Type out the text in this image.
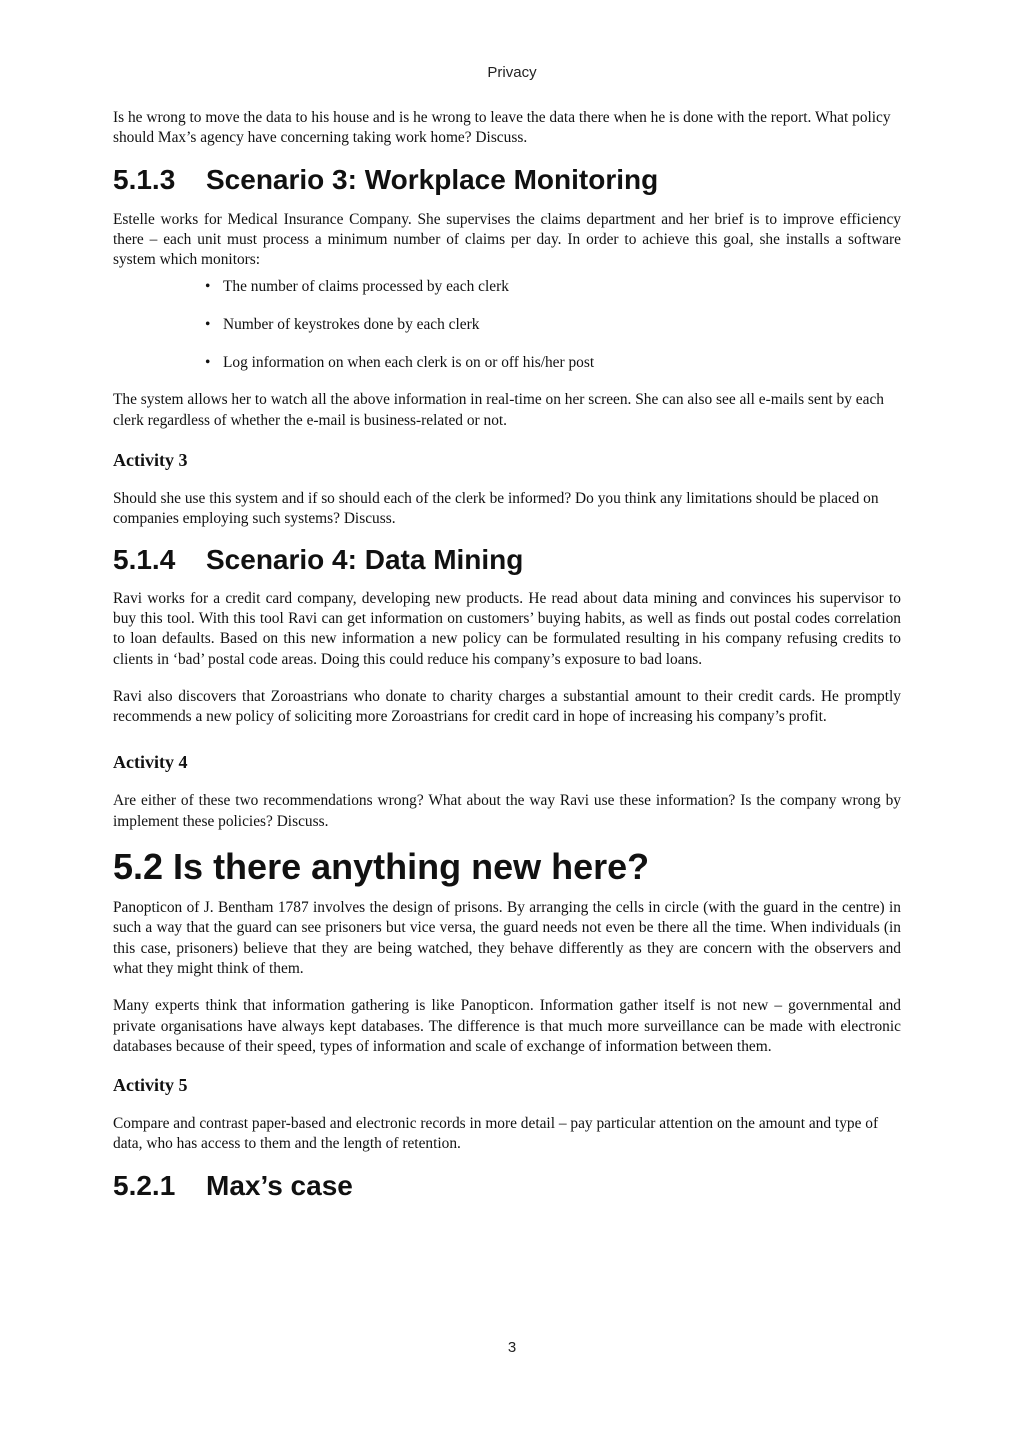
Privacy

Is he wrong to move the data to his house and is he wrong to leave the data there when he is done with the report. What policy should Max’s agency have concerning taking work home? Discuss.

5.1.3 Scenario 3: Workplace Monitoring

Estelle works for Medical Insurance Company. She supervises the claims department and her brief is to improve efficiency there – each unit must process a minimum number of claims per day. In order to achieve this goal, she installs a software system which monitors:

• The number of claims processed by each clerk
• Number of keystrokes done by each clerk
• Log information on when each clerk is on or off his/her post

The system allows her to watch all the above information in real-time on her screen. She can also see all e-mails sent by each clerk regardless of whether the e-mail is business-related or not.

Activity 3

Should she use this system and if so should each of the clerk be informed? Do you think any limitations should be placed on companies employing such systems? Discuss.

5.1.4 Scenario 4: Data Mining

Ravi works for a credit card company, developing new products. He read about data mining and convinces his supervisor to buy this tool. With this tool Ravi can get information on customers’ buying habits, as well as finds out postal codes correlation to loan defaults. Based on this new information a new policy can be formulated resulting in his company refusing credits to clients in ‘bad’ postal code areas. Doing this could reduce his company’s exposure to bad loans.

Ravi also discovers that Zoroastrians who donate to charity charges a substantial amount to their credit cards. He promptly recommends a new policy of soliciting more Zoroastrians for credit card in hope of increasing his company’s profit.

Activity 4

Are either of these two recommendations wrong? What about the way Ravi use these information? Is the company wrong by implement these policies? Discuss.

5.2 Is there anything new here?

Panopticon of J. Bentham 1787 involves the design of prisons. By arranging the cells in circle (with the guard in the centre) in such a way that the guard can see prisoners but vice versa, the guard needs not even be there all the time. When individuals (in this case, prisoners) believe that they are being watched, they behave differently as they are concern with the observers and what they might think of them.

Many experts think that information gathering is like Panopticon. Information gather itself is not new – governmental and private organisations have always kept databases. The difference is that much more surveillance can be made with electronic databases because of their speed, types of information and scale of exchange of information between them.

Activity 5

Compare and contrast paper-based and electronic records in more detail – pay particular attention on the amount and type of data, who has access to them and the length of retention.

5.2.1 Max’s case
3
